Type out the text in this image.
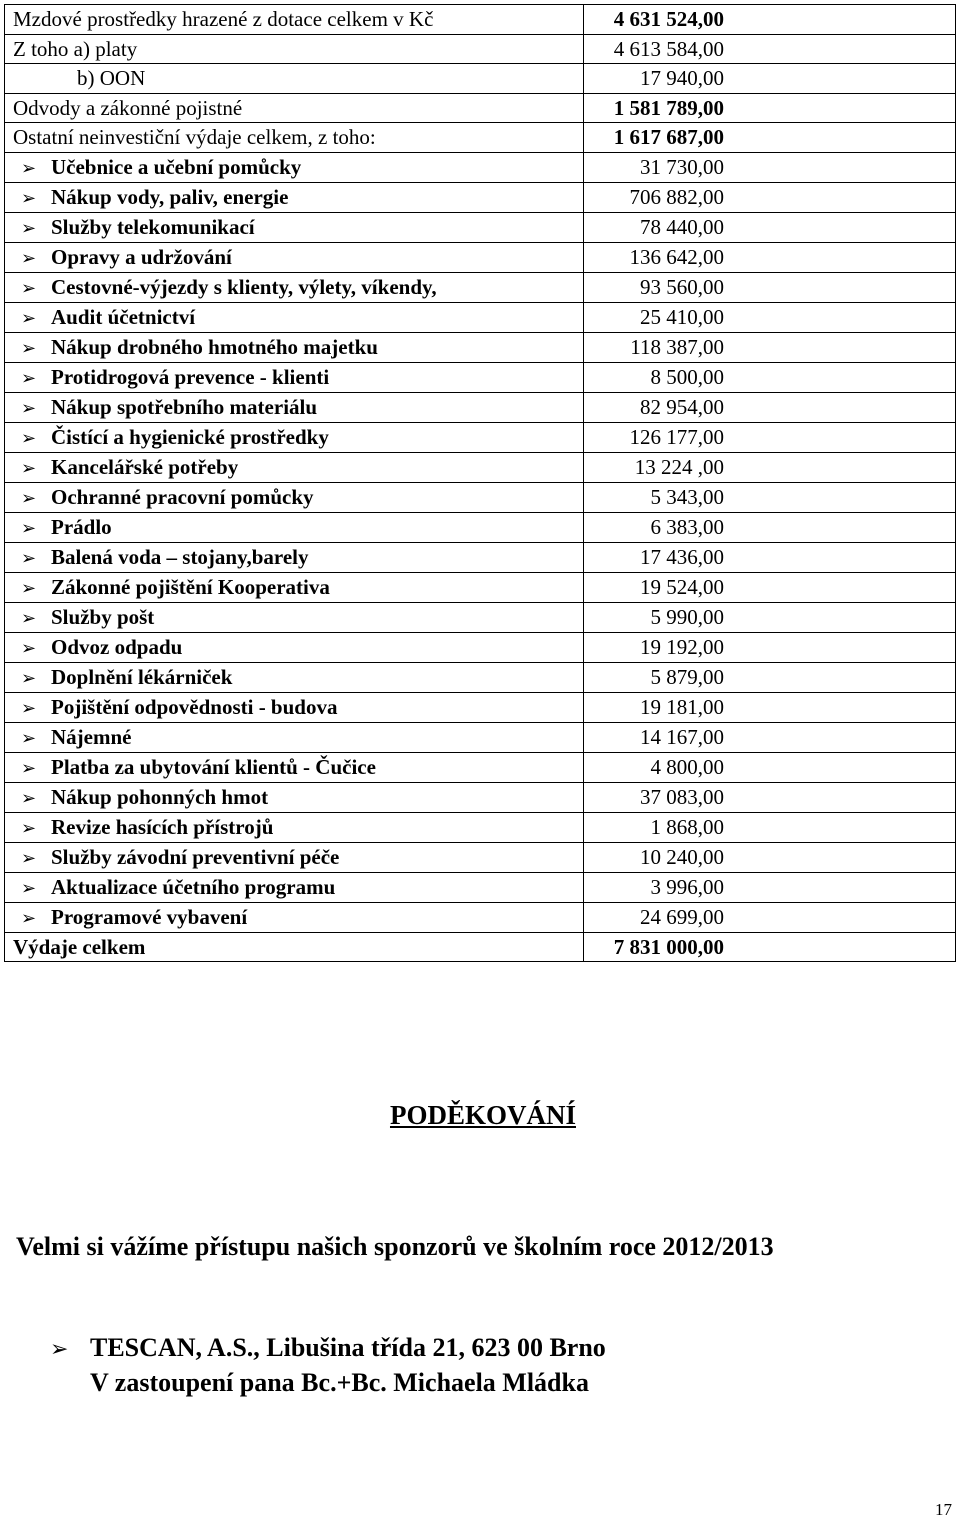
Mzdové prostředky hrazené z dotace celkem v Kč	4 631 524,00
Z toho a) platy	4 613 584,00
b) OON	17 940,00
Odvody a zákonné pojistné	1 581 789,00
Ostatní neinvestiční výdaje celkem, z toho:	1 617 687,00
➢ Učebnice a učební pomůcky	31 730,00
➢ Nákup vody, paliv, energie	706 882,00
➢ Služby telekomunikací	78 440,00
➢ Opravy a udržování	136 642,00
➢ Cestovné-výjezdy s klienty, výlety, víkendy,	93 560,00
➢ Audit účetnictví	25 410,00
➢ Nákup drobného hmotného majetku	118 387,00
➢ Protidrogová prevence - klienti	8 500,00
➢ Nákup spotřebního materiálu	82 954,00
➢ Čistící a hygienické prostředky	126 177,00
➢ Kancelářské potřeby	13 224 ,00
➢ Ochranné pracovní pomůcky	5 343,00
➢ Prádlo	6 383,00
➢ Balená voda – stojany,barely	17 436,00
➢ Zákonné pojištění Kooperativa	19 524,00
➢ Služby pošt	5 990,00
➢ Odvoz odpadu	19 192,00
➢ Doplnění lékárniček	5 879,00
➢ Pojištění odpovědnosti - budova	19 181,00
➢ Nájemné	14 167,00
➢ Platba za ubytování klientů - Čučice	4 800,00
➢ Nákup pohonných hmot	37 083,00
➢ Revize hasících přístrojů	1 868,00
➢ Služby závodní preventivní péče	10 240,00
➢ Aktualizace účetního programu	3 996,00
➢ Programové vybavení	24 699,00
Výdaje celkem	7 831 000,00
PODĚKOVÁNÍ
Velmi si vážíme přístupu našich sponzorů ve školním roce 2012/2013
➢ TESCAN, A.S., Libušina třída 21, 623 00 Brno
V zastoupení pana Bc.+Bc. Michaela Mládka
17
